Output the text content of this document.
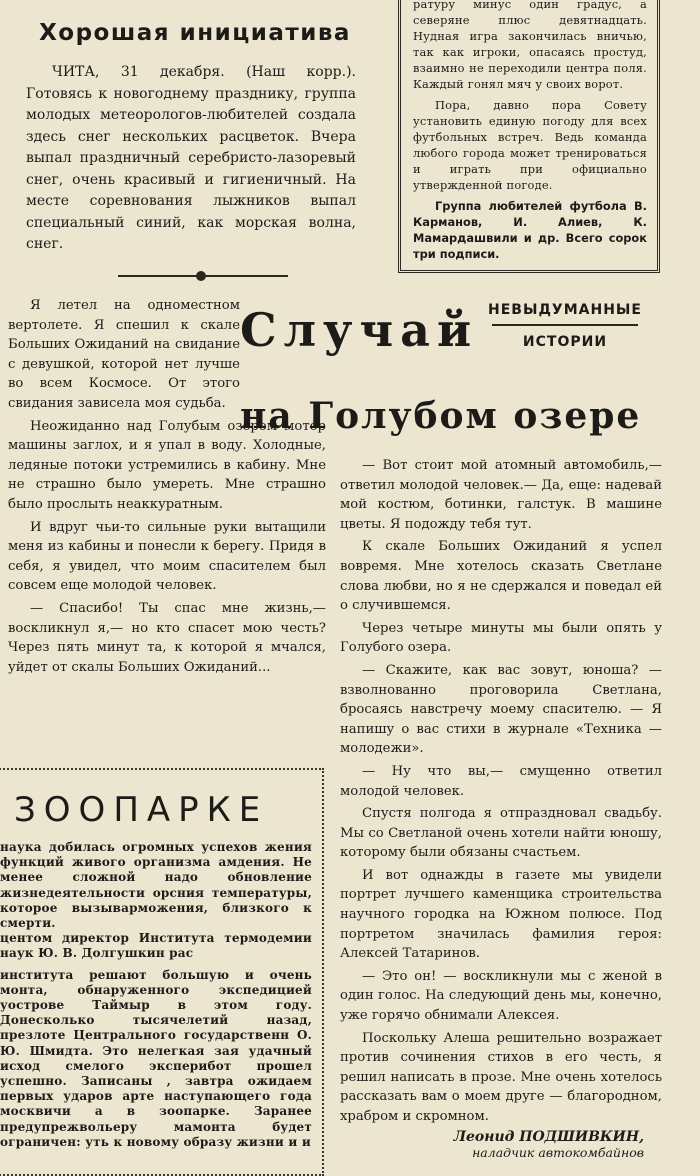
Хорошая инициатива

ЧИТА, 31 декабря. (Наш корр.). Готовясь к новогоднему празднику, группа молодых метеорологов-любителей создала здесь снег нескольких расцветок. Вчера выпал праздничный серебристо-лазоревый снег, очень красивый и гигиеничный. На месте соревнования лыжников выпал специальный синий, как морская волна, снег.

ратуру минус один градус, а северяне плюс девятнадцать. Нудная игра закончилась вничью, так как игроки, опасаясь простуд, взаимно не переходили центра поля. Каждый гонял мяч у своих ворот.

Пора, давно пора Совету установить единую погоду для всех футбольных встреч. Ведь команда любого города может тренироваться и играть при официально утвержденной погоде.

Группа любителей футбола В. Карманов, И. Алиев, К. Мамардашвили и др. Всего сорок три подписи.

Случай НЕВЫДУМАННЫЕ
ИСТОРИИ
на Голубом озере

Я летел на одноместном вертолете. Я спешил к скале Больших Ожиданий на свидание с девушкой, которой нет лучше во всем Космосе. От этого свидания зависела моя судьба.

Неожиданно над Голубым озером мотор машины заглох, и я упал в воду. Холодные, ледяные потоки устремились в кабину. Мне не страшно было умереть. Мне страшно было прослыть неаккуратным.

И вдруг чьи-то сильные руки вытащили меня из кабины и понесли к берегу. Придя в себя, я увидел, что моим спасителем был совсем еще молодой человек.

— Спасибо! Ты спас мне жизнь,— воскликнул я,— но кто спасет мою честь? Через пять минут та, к которой я мчался, уйдет от скалы Больших Ожиданий...

— Вот стоит мой атомный автомобиль,— ответил молодой человек.— Да, еще: надевай мой костюм, ботинки, галстук. В машине цветы. Я подожду тебя тут.

К скале Больших Ожиданий я успел вовремя. Мне хотелось сказать Светлане слова любви, но я не сдержался и поведал ей о случившемся.

Через четыре минуты мы были опять у Голубого озера.

— Скажите, как вас зовут, юноша? — взволнованно проговорила Светлана, бросаясь навстречу моему спасителю. — Я напишу о вас стихи в журнале «Техника — молодежи».

— Ну что вы,— смущенно ответил молодой человек.

Спустя полгода я отпраздновал свадьбу. Мы со Светланой очень хотели найти юношу, которому были обязаны счастьем.

И вот однажды в газете мы увидели портрет лучшего каменщика строительства научного городка на Южном полюсе. Под портретом значилась фамилия героя: Алексей Татаринов.

— Это он! — воскликнули мы с женой в один голос. На следующий день мы, конечно, уже горячо обнимали Алексея.

Поскольку Алеша решительно возражает против сочинения стихов в его честь, я решил написать в прозе. Мне очень хотелось рассказать вам о моем друге — благородном, храбром и скромном.

Леонид ПОДШИВКИН,
наладчик автокомбайнов
ЗООПАРКЕ

наука добилась огромных успехов жения функций живого организма амдения. Не менее сложной надо обновление жизнедеятельности орсния температуры, которое вызыварможения, близкого к смерти.

центом директор Института термодемии наук Ю. В. Долгушкин рас

институтa решают большую и очень монта, обнаруженного экспедицией уострове Таймыр в этом году. Донесколько тысячелетий назад, презлоте Центрального государственн О. Ю. Шмидта. Это нелегкая зая удачный исход смелого эксперибот прошел успешно. Записаны , завтра ожидаем первых ударов арте наступающего года москвичи а в зоопарке. Заранее предупрежвольеру мамонта будет ограничен: уть к новому образу жизни и и
